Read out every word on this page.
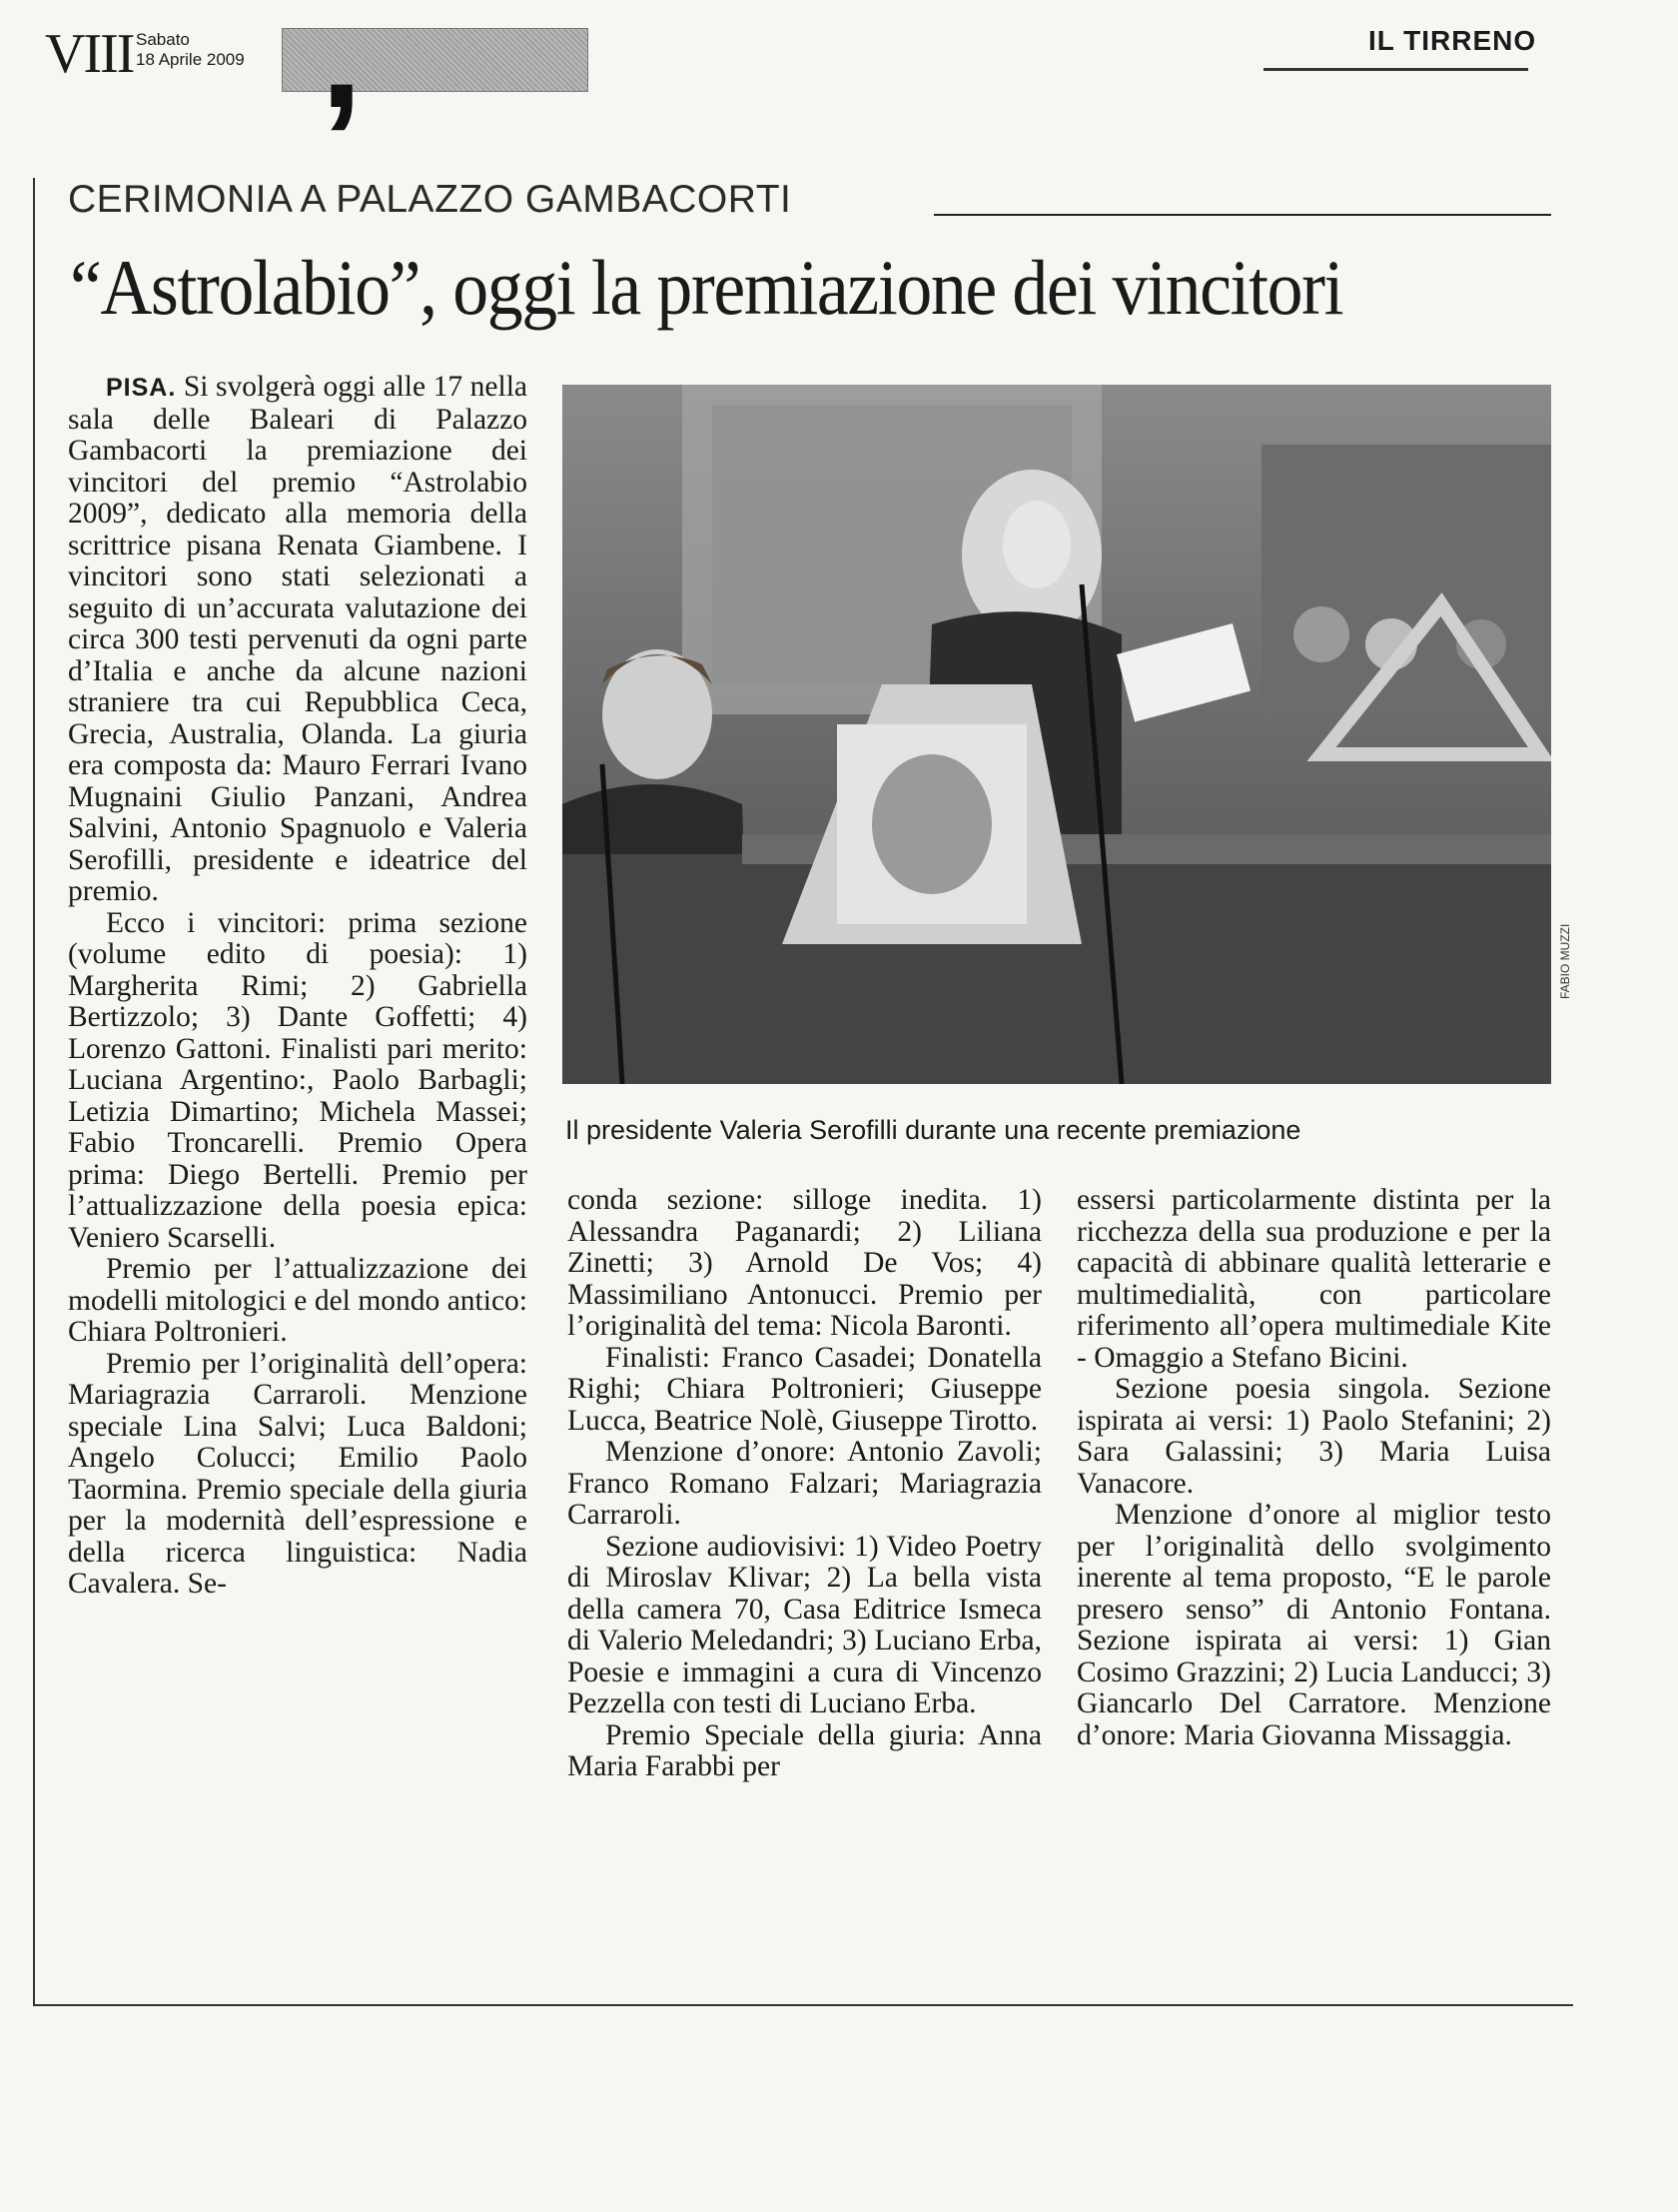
VIII Sabato
18 Aprile 2009 ,	IL TIRRENO
CERIMONIA A PALAZZO GAMBACORTI
“Astrolabio”, oggi la premiazione dei vincitori

PISA. Si svolgerà oggi alle 17 nella sala delle Baleari di Palazzo Gambacorti la premiazione dei vincitori del premio “Astrolabio 2009”, dedicato alla memoria della scrittrice pisana Renata Giambene. I vincitori sono stati selezionati a seguito di un’accurata valutazione dei circa 300 testi pervenuti da ogni parte d’Italia e anche da alcune nazioni straniere tra cui Repubblica Ceca, Grecia, Australia, Olanda. La giuria era composta da: Mauro Ferrari Ivano Mugnaini Giulio Panzani, Andrea Salvini, Antonio Spagnuolo e Valeria Serofilli, presidente e ideatrice del premio.

Ecco i vincitori: prima sezione (volume edito di poesia): 1) Margherita Rimi; 2) Gabriella Bertizzolo; 3) Dante Goffetti; 4) Lorenzo Gattoni. Finalisti pari merito: Luciana Argentino:, Paolo Barbagli; Letizia Dimartino; Michela Massei; Fabio Troncarelli. Premio Opera prima: Diego Bertelli. Premio per l’attualizzazione della poesia epica: Veniero Scarselli.

Premio per l’attualizzazione dei modelli mitologici e del mondo antico: Chiara Poltronieri.

Premio per l’originalità dell’opera: Mariagrazia Carraroli. Menzione speciale Lina Salvi; Luca Baldoni; Angelo Colucci; Emilio Paolo Taormina. Premio speciale della giuria per la modernità dell’espressione e della ricerca linguistica: Nadia Cavalera. Se-

FABIO MUZZI
Il presidente Valeria Serofilli durante una recente premiazione

conda sezione: silloge inedita. 1) Alessandra Paganardi; 2) Liliana Zinetti; 3) Arnold De Vos; 4) Massimiliano Antonucci. Premio per l’originalità del tema: Nicola Baronti.

Finalisti: Franco Casadei; Donatella Righi; Chiara Poltronieri; Giuseppe Lucca, Beatrice Nolè, Giuseppe Tirotto.

Menzione d’onore: Antonio Zavoli; Franco Romano Falzari; Mariagrazia Carraroli.

Sezione audiovisivi: 1) Video Poetry di Miroslav Klivar; 2) La bella vista della camera 70, Casa Editrice Ismeca di Valerio Meledandri; 3) Luciano Erba, Poesie e immagini a cura di Vincenzo Pezzella con testi di Luciano Erba.

Premio Speciale della giuria: Anna Maria Farabbi per

essersi particolarmente distinta per la ricchezza della sua produzione e per la capacità di abbinare qualità letterarie e multimedialità, con particolare riferimento all’opera multimediale Kite - Omaggio a Stefano Bicini.

Sezione poesia singola. Sezione ispirata ai versi: 1) Paolo Stefanini; 2) Sara Galassini; 3) Maria Luisa Vanacore.

Menzione d’onore al miglior testo per l’originalità dello svolgimento inerente al tema proposto, “E le parole presero senso” di Antonio Fontana. Sezione ispirata ai versi: 1) Gian Cosimo Grazzini; 2) Lucia Landucci; 3) Giancarlo Del Carratore. Menzione d’onore: Maria Giovanna Missaggia.
